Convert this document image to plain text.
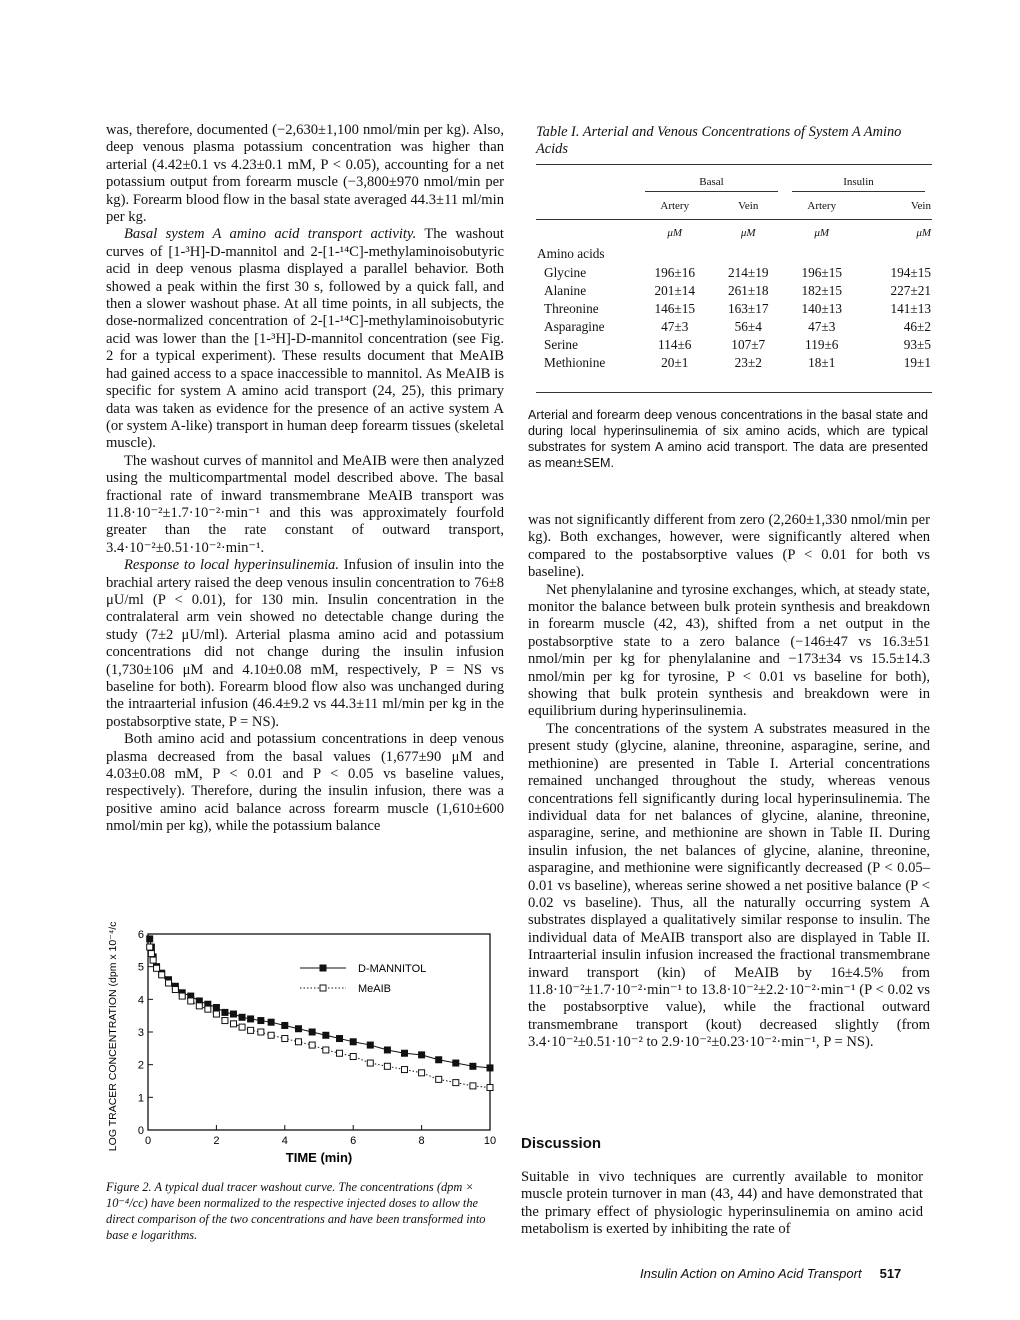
was, therefore, documented (−2,630±1,100 nmol/min per kg). Also, deep venous plasma potassium concentration was higher than arterial (4.42±0.1 vs 4.23±0.1 mM, P < 0.05), accounting for a net potassium output from forearm muscle (−3,800±970 nmol/min per kg). Forearm blood flow in the basal state averaged 44.3±11 ml/min per kg.

Basal system A amino acid transport activity. The washout curves of [1-³H]-D-mannitol and 2-[1-¹⁴C]-methylaminoisobutyric acid in deep venous plasma displayed a parallel behavior. Both showed a peak within the first 30 s, followed by a quick fall, and then a slower washout phase. At all time points, in all subjects, the dose-normalized concentration of 2-[1-¹⁴C]-methylaminoisobutyric acid was lower than the [1-³H]-D-mannitol concentration (see Fig. 2 for a typical experiment). These results document that MeAIB had gained access to a space inaccessible to mannitol. As MeAIB is specific for system A amino acid transport (24, 25), this primary data was taken as evidence for the presence of an active system A (or system A-like) transport in human deep forearm tissues (skeletal muscle).

The washout curves of mannitol and MeAIB were then analyzed using the multicompartmental model described above. The basal fractional rate of inward transmembrane MeAIB transport was 11.8·10⁻²±1.7·10⁻²·min⁻¹ and this was approximately fourfold greater than the rate constant of outward transport, 3.4·10⁻²±0.51·10⁻²·min⁻¹.

Response to local hyperinsulinemia. Infusion of insulin into the brachial artery raised the deep venous insulin concentration to 76±8 μU/ml (P < 0.01), for 130 min. Insulin concentration in the contralateral arm vein showed no detectable change during the study (7±2 μU/ml). Arterial plasma amino acid and potassium concentrations did not change during the insulin infusion (1,730±106 μM and 4.10±0.08 mM, respectively, P = NS vs baseline for both). Forearm blood flow also was unchanged during the intraarterial infusion (46.4±9.2 vs 44.3±11 ml/min per kg in the postabsorptive state, P = NS).

Both amino acid and potassium concentrations in deep venous plasma decreased from the basal values (1,677±90 μM and 4.03±0.08 mM, P < 0.01 and P < 0.05 vs baseline values, respectively). Therefore, during the insulin infusion, there was a positive amino acid balance across forearm muscle (1,610±600 nmol/min per kg), while the potassium balance

Table I. Arterial and Venous Concentrations of System A Amino Acids

	Basal		Insulin	

	Artery	Vein	Artery	Vein

	μM	μM	μM	μM
Amino acids				
Glycine	196±16	214±19	196±15	194±15
Alanine	201±14	261±18	182±15	227±21
Threonine	146±15	163±17	140±13	141±13
Asparagine	47±3	56±4	47±3	46±2
Serine	114±6	107±7	119±6	93±5
Methionine	20±1	23±2	18±1	19±1

Arterial and forearm deep venous concentrations in the basal state and during local hyperinsulinemia of six amino acids, which are typical substrates for system A amino acid transport. The data are presented as mean±SEM.

was not significantly different from zero (2,260±1,330 nmol/min per kg). Both exchanges, however, were significantly altered when compared to the postabsorptive values (P < 0.01 for both vs baseline).

Net phenylalanine and tyrosine exchanges, which, at steady state, monitor the balance between bulk protein synthesis and breakdown in forearm muscle (42, 43), shifted from a net output in the postabsorptive state to a zero balance (−146±47 vs 16.3±51 nmol/min per kg for phenylalanine and −173±34 vs 15.5±14.3 nmol/min per kg for tyrosine, P < 0.01 vs baseline for both), showing that bulk protein synthesis and breakdown were in equilibrium during hyperinsulinemia.

The concentrations of the system A substrates measured in the present study (glycine, alanine, threonine, asparagine, serine, and methionine) are presented in Table I. Arterial concentrations remained unchanged throughout the study, whereas venous concentrations fell significantly during local hyperinsulinemia. The individual data for net balances of glycine, alanine, threonine, asparagine, serine, and methionine are shown in Table II. During insulin infusion, the net balances of glycine, alanine, threonine, asparagine, and methionine were significantly decreased (P < 0.05–0.01 vs baseline), whereas serine showed a net positive balance (P < 0.02 vs baseline). Thus, all the naturally occurring system A substrates displayed a qualitatively similar response to insulin. The individual data of MeAIB transport also are displayed in Table II. Intraarterial insulin infusion increased the fractional transmembrane inward transport (kin) of MeAIB by 16±4.5% from 11.8·10⁻²±1.7·10⁻²·min⁻¹ to 13.8·10⁻²±2.2·10⁻²·min⁻¹ (P < 0.02 vs the postabsorptive value), while the fractional outward transmembrane transport (kout) decreased slightly (from 3.4·10⁻²±0.51·10⁻² to 2.9·10⁻²±0.23·10⁻²·min⁻¹, P = NS).

0	2	4	6	8	10
0
1
2
3
4
5
6
TIME (min)
LOG TRACER CONCENTRATION (dpm x 10⁻⁴/cc)	D-MANNITOL
MeAIB
Figure 2. A typical dual tracer washout curve. The concentrations (dpm × 10⁻⁴/cc) have been normalized to the respective injected doses to allow the direct comparison of the two concentrations and have been transformed into base e logarithms.
Discussion
Suitable in vivo techniques are currently available to monitor muscle protein turnover in man (43, 44) and have demonstrated that the primary effect of physiologic hyperinsulinemia on amino acid metabolism is exerted by inhibiting the rate of
Insulin Action on Amino Acid Transport 517
